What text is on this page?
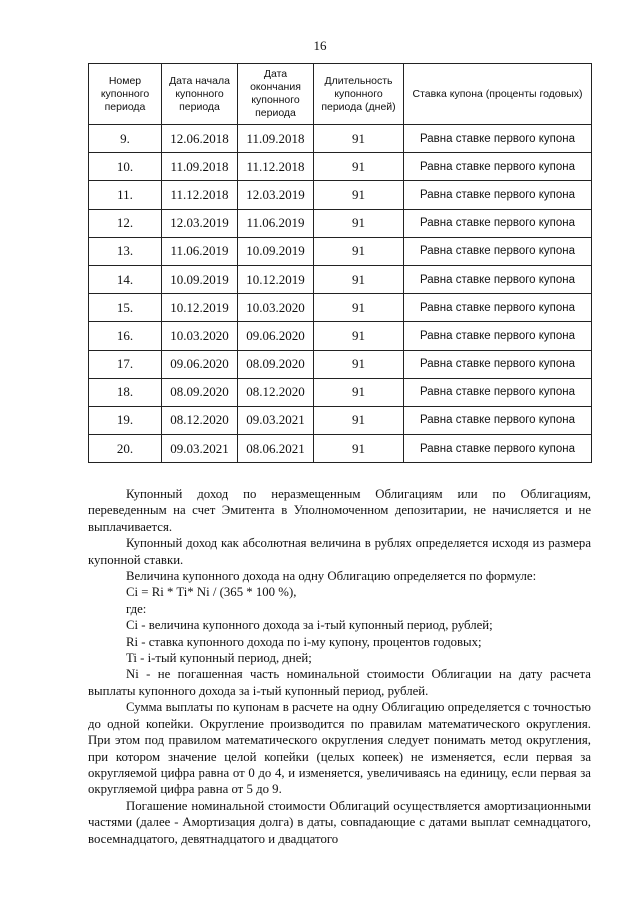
16
Номер купонного периода	Дата начала купонного периода	Дата окончания купонного периода	Длительность купонного периода (дней)	Ставка купона (проценты годовых)
9.	12.06.2018	11.09.2018	91	Равна ставке первого купона
10.	11.09.2018	11.12.2018	91	Равна ставке первого купона
11.	11.12.2018	12.03.2019	91	Равна ставке первого купона
12.	12.03.2019	11.06.2019	91	Равна ставке первого купона
13.	11.06.2019	10.09.2019	91	Равна ставке первого купона
14.	10.09.2019	10.12.2019	91	Равна ставке первого купона
15.	10.12.2019	10.03.2020	91	Равна ставке первого купона
16.	10.03.2020	09.06.2020	91	Равна ставке первого купона
17.	09.06.2020	08.09.2020	91	Равна ставке первого купона
18.	08.09.2020	08.12.2020	91	Равна ставке первого купона
19.	08.12.2020	09.03.2021	91	Равна ставке первого купона
20.	09.03.2021	08.06.2021	91	Равна ставке первого купона

Купонный доход по неразмещенным Облигациям или по Облигациям, переведенным на счет Эмитента в Уполномоченном депозитарии, не начисляется и не выплачивается.

Купонный доход как абсолютная величина в рублях определяется исходя из размера купонной ставки.

Величина купонного дохода на одну Облигацию определяется по формуле:

Ci = Ri * Ti* Ni / (365 * 100 %),

где:

Ci - величина купонного дохода за i-тый купонный период, рублей;

Ri - ставка купонного дохода по i-му купону, процентов годовых;

Ti - i-тый купонный период, дней;

Ni - не погашенная часть номинальной стоимости Облигации на дату расчета выплаты купонного дохода за i-тый купонный период, рублей.

Сумма выплаты по купонам в расчете на одну Облигацию определяется с точностью до одной копейки. Округление производится по правилам математического округления. При этом под правилом математического округления следует понимать метод округления, при котором значение целой копейки (целых копеек) не изменяется, если первая за округляемой цифра равна от 0 до 4, и изменяется, увеличиваясь на единицу, если первая за округляемой цифра равна от 5 до 9.

Погашение номинальной стоимости Облигаций осуществляется амортизационными частями (далее - Амортизация долга) в даты, совпадающие с датами выплат семнадцатого, восемнадцатого, девятнадцатого и двадцатого
